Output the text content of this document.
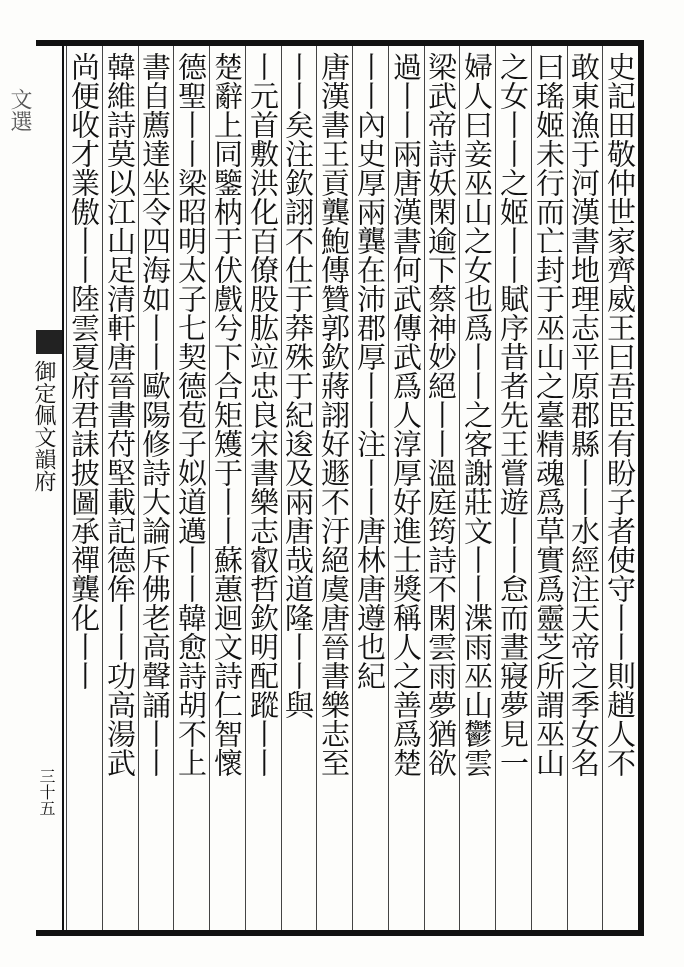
文選
御定佩文韻府
三十五
史記田敬仲世家齊威王曰吾臣有盼子者使守丨丨則趙人不
敢東漁于河漢書地理志平原郡縣丨丨水經注天帝之季女名
曰瑤姬未行而亡封于巫山之臺精魂爲草實爲靈芝所謂巫山
之女丨丨之姬丨丨賦序昔者先王嘗遊丨丨怠而晝寢夢見一
婦人曰妾巫山之女也爲丨丨之客謝莊文丨丨渫雨巫山鬱雲
梁武帝詩妖閑逾下蔡神妙絕丨丨溫庭筠詩不閑雲雨夢猶欲
過丨丨兩唐漢書何武傳武爲人淳厚好進士獎稱人之善爲楚
丨丨內史厚兩龔在沛郡厚丨丨注丨丨唐林唐遵也紀
唐漢書王貢龔鮑傳贊郭欽蔣詡好遯不汙絕虞唐晉書樂志至
丨丨矣注欽詡不仕于莽殊于紀逡及兩唐哉道隆丨丨與
丨元首敷洪化百僚股肱竝忠良宋書樂志叡哲欽明配蹤丨丨
楚辭上同鑒枘于伏戲兮下合矩矱于丨丨蘇蕙迴文詩仁智懷
德聖丨丨梁昭明太子七契德苞子姒道邁丨丨韓愈詩胡不上
書自薦達坐令四海如丨丨歐陽修詩大論斥佛老高聲誦丨丨
韓維詩莫以江山足清軒唐晉書苻堅載記德侔丨丨功高湯武
尚便收才業傲丨丨陸雲夏府君誄披圖承禪龔化丨丨
